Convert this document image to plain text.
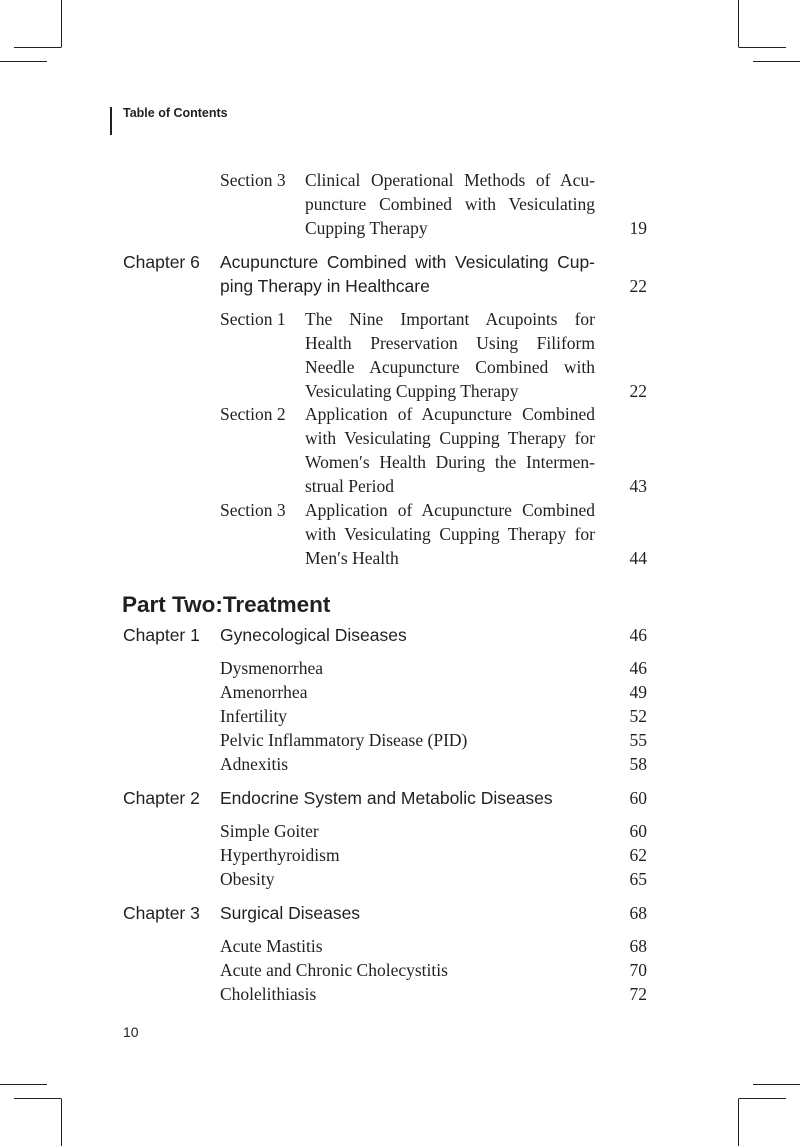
Table of Contents
Section 3 Clinical Operational Methods of Acu-
puncture Combined with Vesiculating
Cupping Therapy	19
Chapter 6 Acupuncture Combined with Vesiculating Cup-
ping Therapy in Healthcare	22
Section 1 The Nine Important Acupoints for
Health Preservation Using Filiform
Needle Acupuncture Combined with
Vesiculating Cupping Therapy	22
Section 2 Application of Acupuncture Combined
with Vesiculating Cupping Therapy for
Women′s Health During the Intermen-
strual Period	43
Section 3 Application of Acupuncture Combined
with Vesiculating Cupping Therapy for
Men′s Health	44
Part Two:Treatment
Chapter 1 Gynecological Diseases	46
Dysmenorrhea	46
Amenorrhea	49
Infertility	52
Pelvic Inflammatory Disease (PID)	55
Adnexitis	58
Chapter 2 Endocrine System and Metabolic Diseases	60
Simple Goiter	60
Hyperthyroidism	62
Obesity	65
Chapter 3 Surgical Diseases	68
Acute Mastitis	68
Acute and Chronic Cholecystitis	70
Cholelithiasis	72
10
